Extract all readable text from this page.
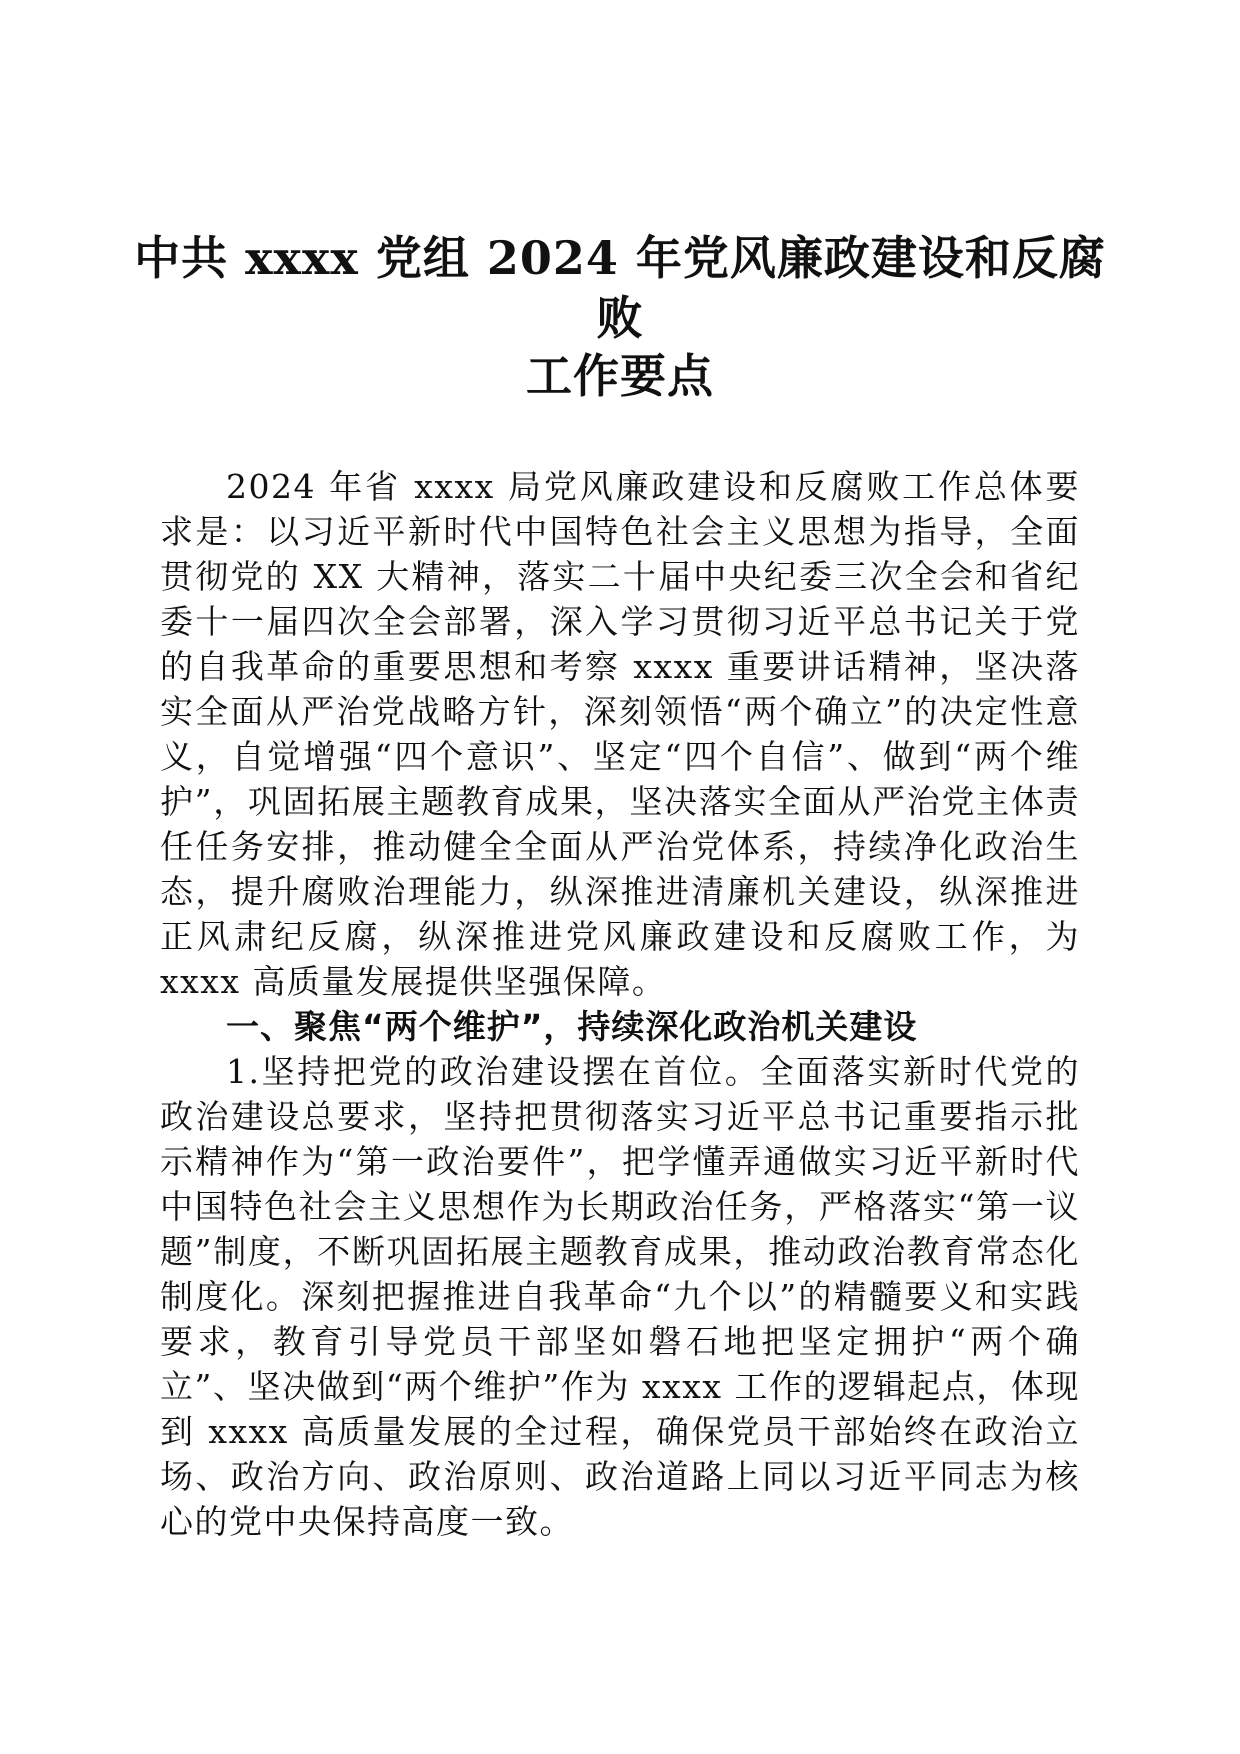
中共 xxxx 党组 2024 年党风廉政建设和反腐败
工作要点

2024 年省 xxxx 局党风廉政建设和反腐败工作总体要求是：以习近平新时代中国特色社会主义思想为指导，全面贯彻党的 XX 大精神，落实二十届中央纪委三次全会和省纪委十一届四次全会部署，深入学习贯彻习近平总书记关于党的自我革命的重要思想和考察 xxxx 重要讲话精神，坚决落实全面从严治党战略方针，深刻领悟“两个确立”的决定性意义，自觉增强“四个意识”、坚定“四个自信”、做到“两个维护”，巩固拓展主题教育成果，坚决落实全面从严治党主体责任任务安排，推动健全全面从严治党体系，持续净化政治生态，提升腐败治理能力，纵深推进清廉机关建设，纵深推进正风肃纪反腐，纵深推进党风廉政建设和反腐败工作，为 xxxx 高质量发展提供坚强保障。

一、聚焦“两个维护”，持续深化政治机关建设

1.坚持把党的政治建设摆在首位。全面落实新时代党的政治建设总要求，坚持把贯彻落实习近平总书记重要指示批示精神作为“第一政治要件”，把学懂弄通做实习近平新时代中国特色社会主义思想作为长期政治任务，严格落实“第一议题”制度，不断巩固拓展主题教育成果，推动政治教育常态化制度化。深刻把握推进自我革命“九个以”的精髓要义和实践要求，教育引导党员干部坚如磐石地把坚定拥护“两个确立”、坚决做到“两个维护”作为 xxxx 工作的逻辑起点，体现到 xxxx 高质量发展的全过程，确保党员干部始终在政治立场、政治方向、政治原则、政治道路上同以习近平同志为核心的党中央保持高度一致。
